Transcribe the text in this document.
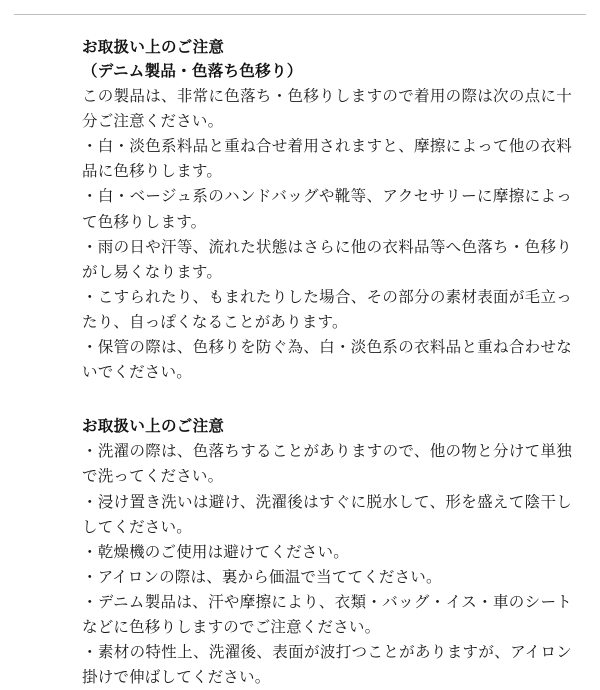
お取扱い上のご注意
（デニム製品・色落ち色移り）
この製品は、非常に色落ち・色移りしますので着用の際は次の点に十分ご注意ください。
・白・淡色系料品と重ね合せ着用されますと、摩擦によって他の衣料品に色移りします。
・白・ベージュ系のハンドバッグや靴等、アクセサリーに摩擦によって色移りします。
・雨の日や汗等、流れた状態はさらに他の衣料品等へ色落ち・色移りがし易くなります。
・こすられたり、もまれたりした場合、その部分の素材表面が毛立ったり、自っぽくなることがあります。
・保管の際は、色移りを防ぐ為、白・淡色系の衣料品と重ね合わせないでください。
お取扱い上のご注意
・洗濯の際は、色落ちすることがありますので、他の物と分けて単独で洗ってください。
・浸け置き洗いは避け、洗濯後はすぐに脱水して、形を盛えて陰干ししてください。
・乾燥機のご使用は避けてください。
・アイロンの際は、裏から価温で当ててください。
・デニム製品は、汗や摩擦により、衣類・バッグ・イス・車のシートなどに色移りしますのでご注意ください。
・素材の特性上、洗濯後、表面が波打つことがありますが、アイロン掛けで伸ばしてください。
